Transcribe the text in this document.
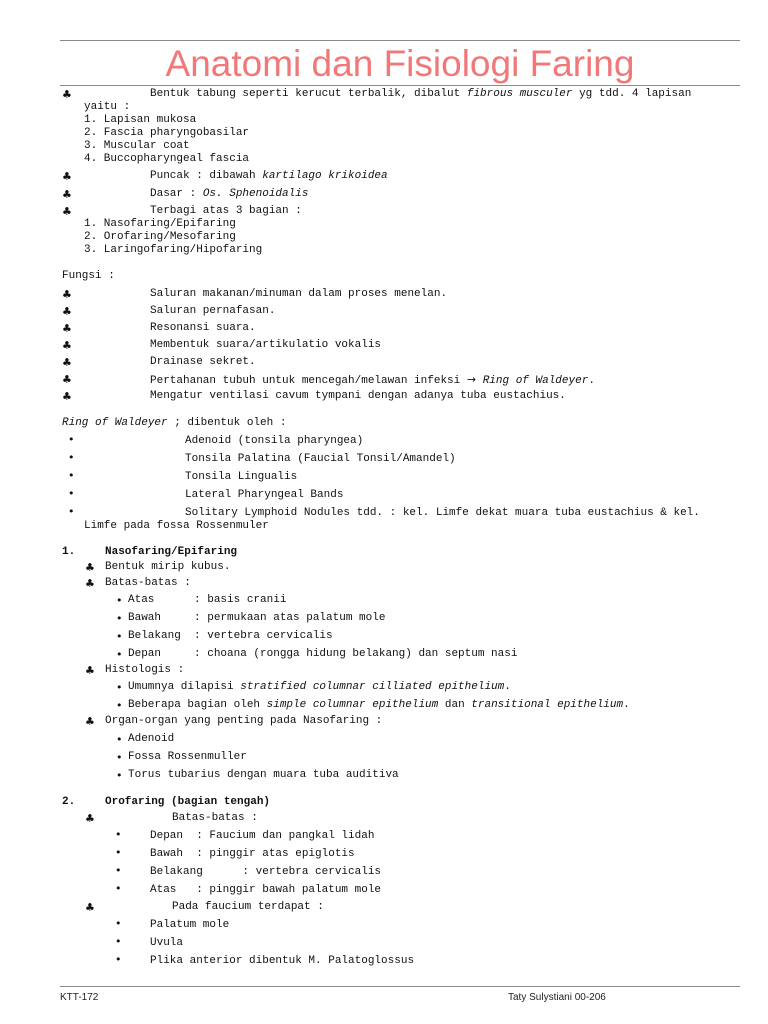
Anatomi dan Fisiologi Faring
♣	Bentuk tabung seperti kerucut terbalik, dibalut fibrous musculer yg tdd. 4 lapisan
yaitu :
1. Lapisan mukosa
2. Fascia pharyngobasilar
3. Muscular coat
4. Buccopharyngeal fascia
♣	Puncak : dibawah kartilago krikoidea
♣	Dasar : Os. Sphenoidalis
♣	Terbagi atas 3 bagian :
1. Nasofaring/Epifaring
2. Orofaring/Mesofaring
3. Laringofaring/Hipofaring
Fungsi :
♣	Saluran makanan/minuman dalam proses menelan.
♣	Saluran pernafasan.
♣	Resonansi suara.
♣	Membentuk suara/artikulatio vokalis
♣	Drainase sekret.
♣	Pertahanan tubuh untuk mencegah/melawan infeksi → Ring of Waldeyer.
♣	Mengatur ventilasi cavum tympani dengan adanya tuba eustachius.
Ring of Waldeyer ; dibentuk oleh :
•	Adenoid (tonsila pharyngea)
•	Tonsila Palatina (Faucial Tonsil/Amandel)
•	Tonsila Lingualis
•	Lateral Pharyngeal Bands
•	Solitary Lymphoid Nodules tdd. : kel. Limfe dekat muara tuba eustachius & kel.
Limfe pada fossa Rossenmuler
1.	Nasofaring/Epifaring
♣ Bentuk mirip kubus.
♣ Batas-batas :
• Atas      : basis cranii
• Bawah     : permukaan atas palatum mole
• Belakang  : vertebra cervicalis
• Depan     : choana (rongga hidung belakang) dan septum nasi
♣ Histologis :
• Umumnya dilapisi stratified columnar cilliated epithelium.
• Beberapa bagian oleh simple columnar epithelium dan transitional epithelium.
♣ Organ-organ yang penting pada Nasofaring :
• Adenoid
• Fossa Rossenmuller
• Torus tubarius dengan muara tuba auditiva
2.	Orofaring (bagian tengah)
♣	Batas-batas :
•	Depan  : Faucium dan pangkal lidah
•	Bawah  : pinggir atas epiglotis
•	Belakang      : vertebra cervicalis
•	Atas   : pinggir bawah palatum mole
♣	Pada faucium terdapat :
•	Palatum mole
•	Uvula
•	Plika anterior dibentuk M. Palatoglossus
KTT-172	Taty Sulystiani 00-206
